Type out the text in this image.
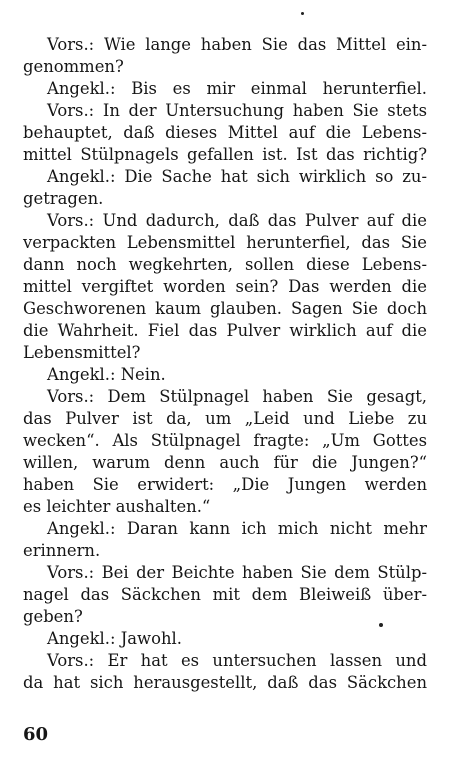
Vors.: Wie lange haben Sie das Mittel ein-
genommen?
Angekl.: Bis es mir einmal herunterfiel.
Vors.: In der Untersuchung haben Sie stets
behauptet, daß dieses Mittel auf die Lebens-
mittel Stülpnagels gefallen ist. Ist das richtig?
Angekl.: Die Sache hat sich wirklich so zu-
getragen.
Vors.: Und dadurch, daß das Pulver auf die
verpackten Lebensmittel herunterfiel, das Sie
dann noch wegkehrten, sollen diese Lebens-
mittel vergiftet worden sein? Das werden die
Geschworenen kaum glauben. Sagen Sie doch
die Wahrheit. Fiel das Pulver wirklich auf die
Lebensmittel?
Angekl.: Nein.
Vors.: Dem Stülpnagel haben Sie gesagt,
das Pulver ist da, um „Leid und Liebe zu
wecken“. Als Stülpnagel fragte: „Um Gottes
willen, warum denn auch für die Jungen?“
haben Sie erwidert: „Die Jungen werden
es leichter aushalten.“
Angekl.: Daran kann ich mich nicht mehr
erinnern.
Vors.: Bei der Beichte haben Sie dem Stülp-
nagel das Säckchen mit dem Bleiweiß über-
geben?
Angekl.: Jawohl.
Vors.: Er hat es untersuchen lassen und
da hat sich herausgestellt, daß das Säckchen
60
